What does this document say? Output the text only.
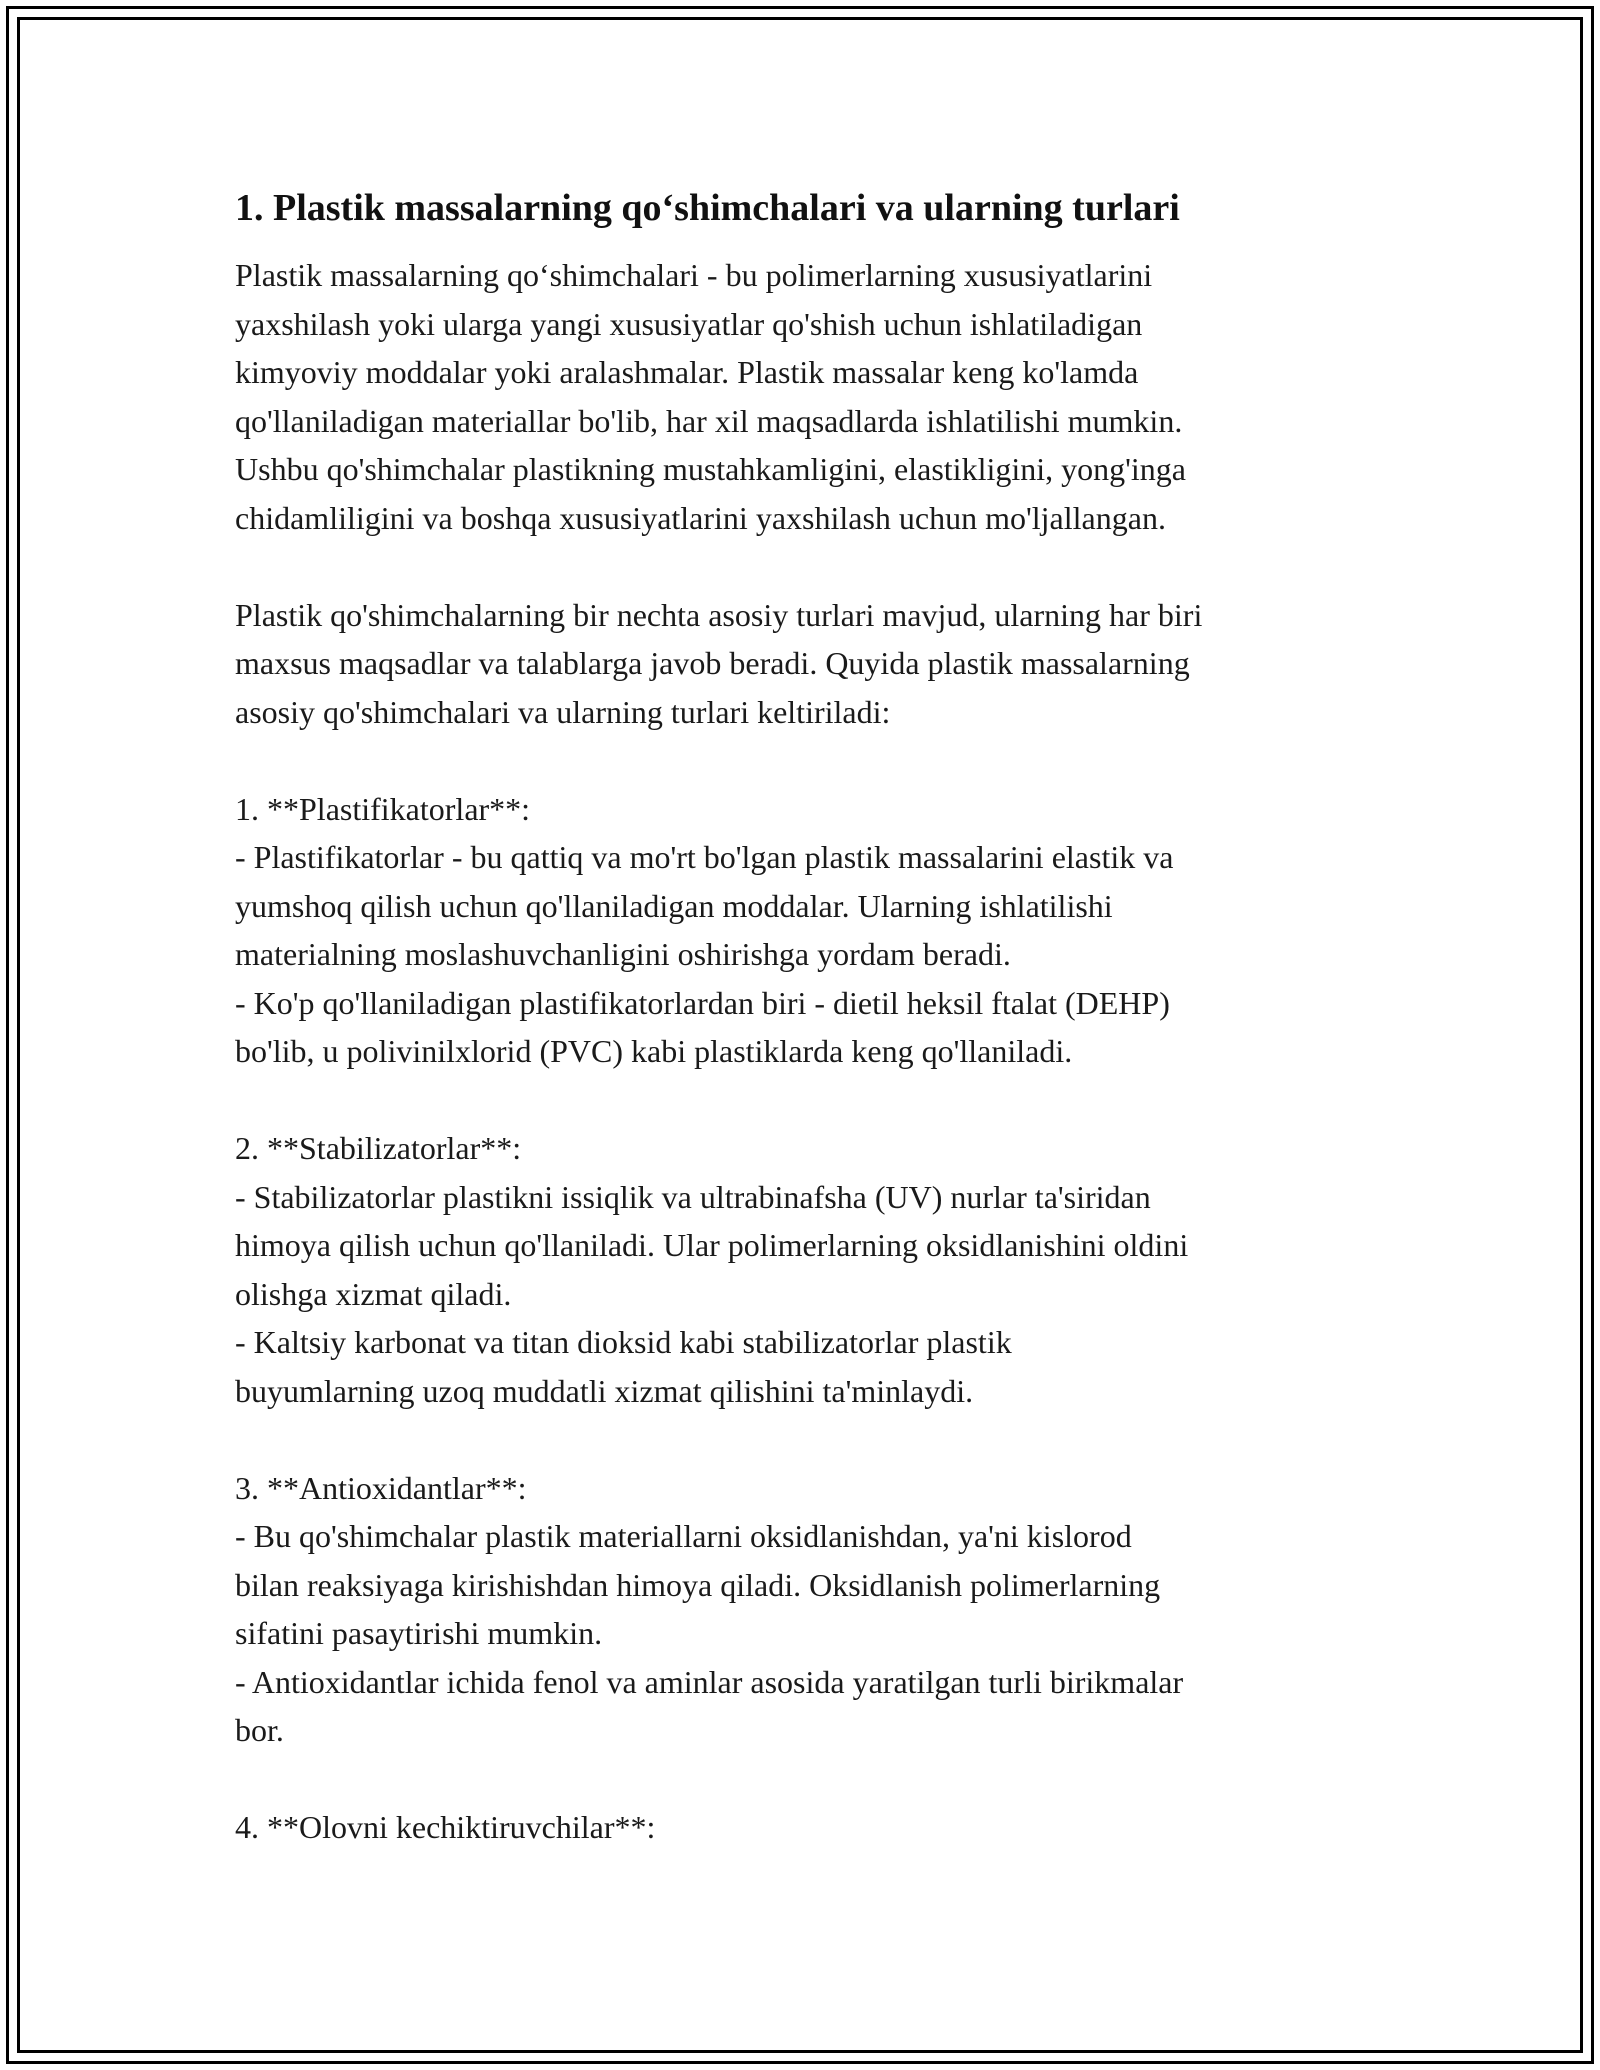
1. Plastik massalarning qo‘shimchalari va ularning turlari

Plastik massalarning qo‘shimchalari - bu polimerlarning xususiyatlarini
yaxshilash yoki ularga yangi xususiyatlar qo'shish uchun ishlatiladigan
kimyoviy moddalar yoki aralashmalar. Plastik massalar keng ko'lamda
qo'llaniladigan materiallar bo'lib, har xil maqsadlarda ishlatilishi mumkin.
Ushbu qo'shimchalar plastikning mustahkamligini, elastikligini, yong'inga
chidamliligini va boshqa xususiyatlarini yaxshilash uchun mo'ljallangan.

Plastik qo'shimchalarning bir nechta asosiy turlari mavjud, ularning har biri
maxsus maqsadlar va talablarga javob beradi. Quyida plastik massalarning
asosiy qo'shimchalari va ularning turlari keltiriladi:

1. **Plastifikatorlar**:

- Plastifikatorlar - bu qattiq va mo'rt bo'lgan plastik massalarini elastik va
yumshoq qilish uchun qo'llaniladigan moddalar. Ularning ishlatilishi
materialning moslashuvchanligini oshirishga yordam beradi.
- Ko'p qo'llaniladigan plastifikatorlardan biri - dietil heksil ftalat (DEHP)
bo'lib, u polivinilxlorid (PVC) kabi plastiklarda keng qo'llaniladi.

2. **Stabilizatorlar**:

- Stabilizatorlar plastikni issiqlik va ultrabinafsha (UV) nurlar ta'siridan
himoya qilish uchun qo'llaniladi. Ular polimerlarning oksidlanishini oldini
olishga xizmat qiladi.
- Kaltsiy karbonat va titan dioksid kabi stabilizatorlar plastik
buyumlarning uzoq muddatli xizmat qilishini ta'minlaydi.

3. **Antioxidantlar**:

- Bu qo'shimchalar plastik materiallarni oksidlanishdan, ya'ni kislorod
bilan reaksiyaga kirishishdan himoya qiladi. Oksidlanish polimerlarning
sifatini pasaytirishi mumkin.
- Antioxidantlar ichida fenol va aminlar asosida yaratilgan turli birikmalar
bor.

4. **Olovni kechiktiruvchilar**:
